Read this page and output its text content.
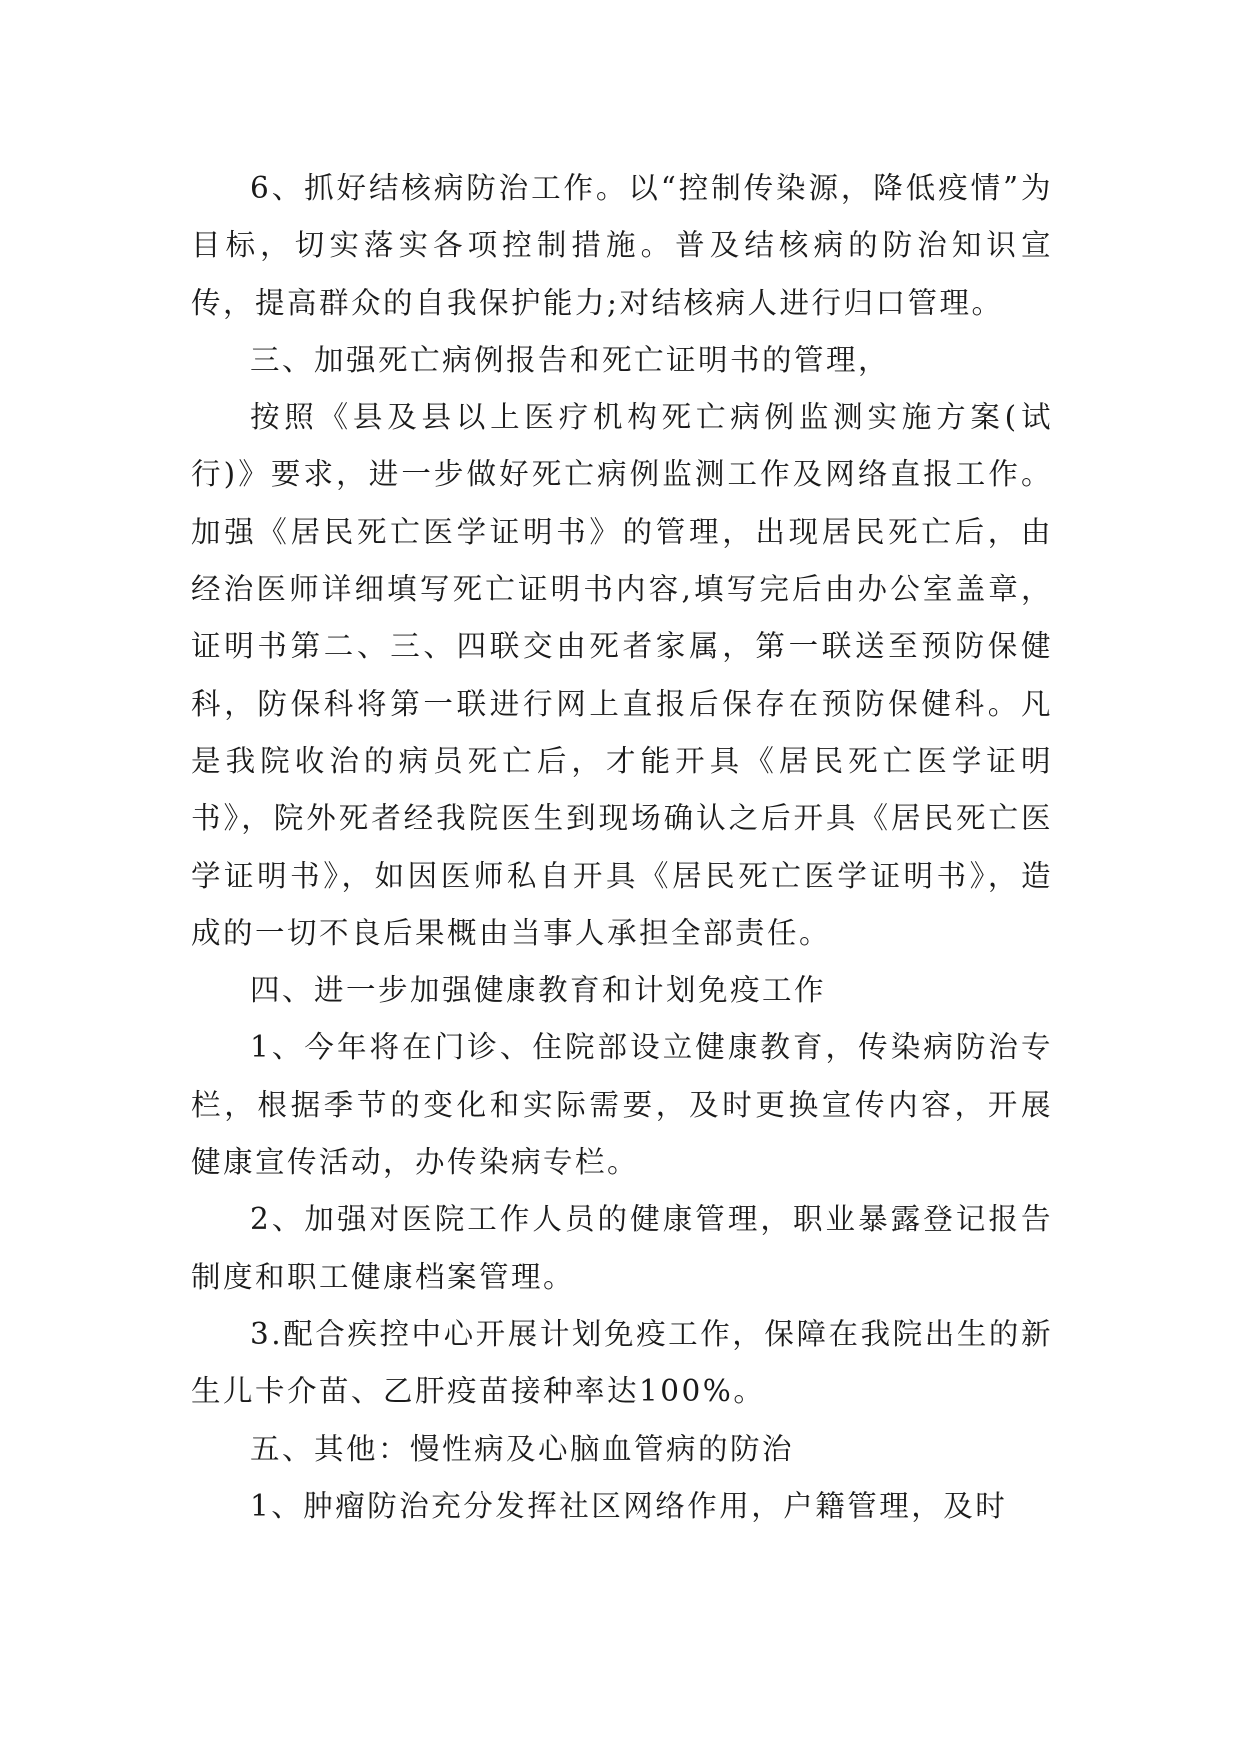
6、抓好结核病防治工作。以“控制传染源，降低疫情”为目标，切实落实各项控制措施。普及结核病的防治知识宣传，提高群众的自我保护能力;对结核病人进行归口管理。

三、加强死亡病例报告和死亡证明书的管理，

按照《县及县以上医疗机构死亡病例监测实施方案(试行)》要求，进一步做好死亡病例监测工作及网络直报工作。加强《居民死亡医学证明书》的管理，出现居民死亡后，由经治医师详细填写死亡证明书内容,填写完后由办公室盖章，证明书第二、三、四联交由死者家属，第一联送至预防保健科，防保科将第一联进行网上直报后保存在预防保健科。凡是我院收治的病员死亡后，才能开具《居民死亡医学证明书》，院外死者经我院医生到现场确认之后开具《居民死亡医学证明书》，如因医师私自开具《居民死亡医学证明书》，造成的一切不良后果概由当事人承担全部责任。

四、进一步加强健康教育和计划免疫工作

1、今年将在门诊、住院部设立健康教育，传染病防治专栏，根据季节的变化和实际需要，及时更换宣传内容，开展健康宣传活动，办传染病专栏。

2、加强对医院工作人员的健康管理，职业暴露登记报告制度和职工健康档案管理。

3.配合疾控中心开展计划免疫工作，保障在我院出生的新生儿卡介苗、乙肝疫苗接种率达100%。

五、其他：慢性病及心脑血管病的防治

1、肿瘤防治充分发挥社区网络作用，户籍管理，及时
